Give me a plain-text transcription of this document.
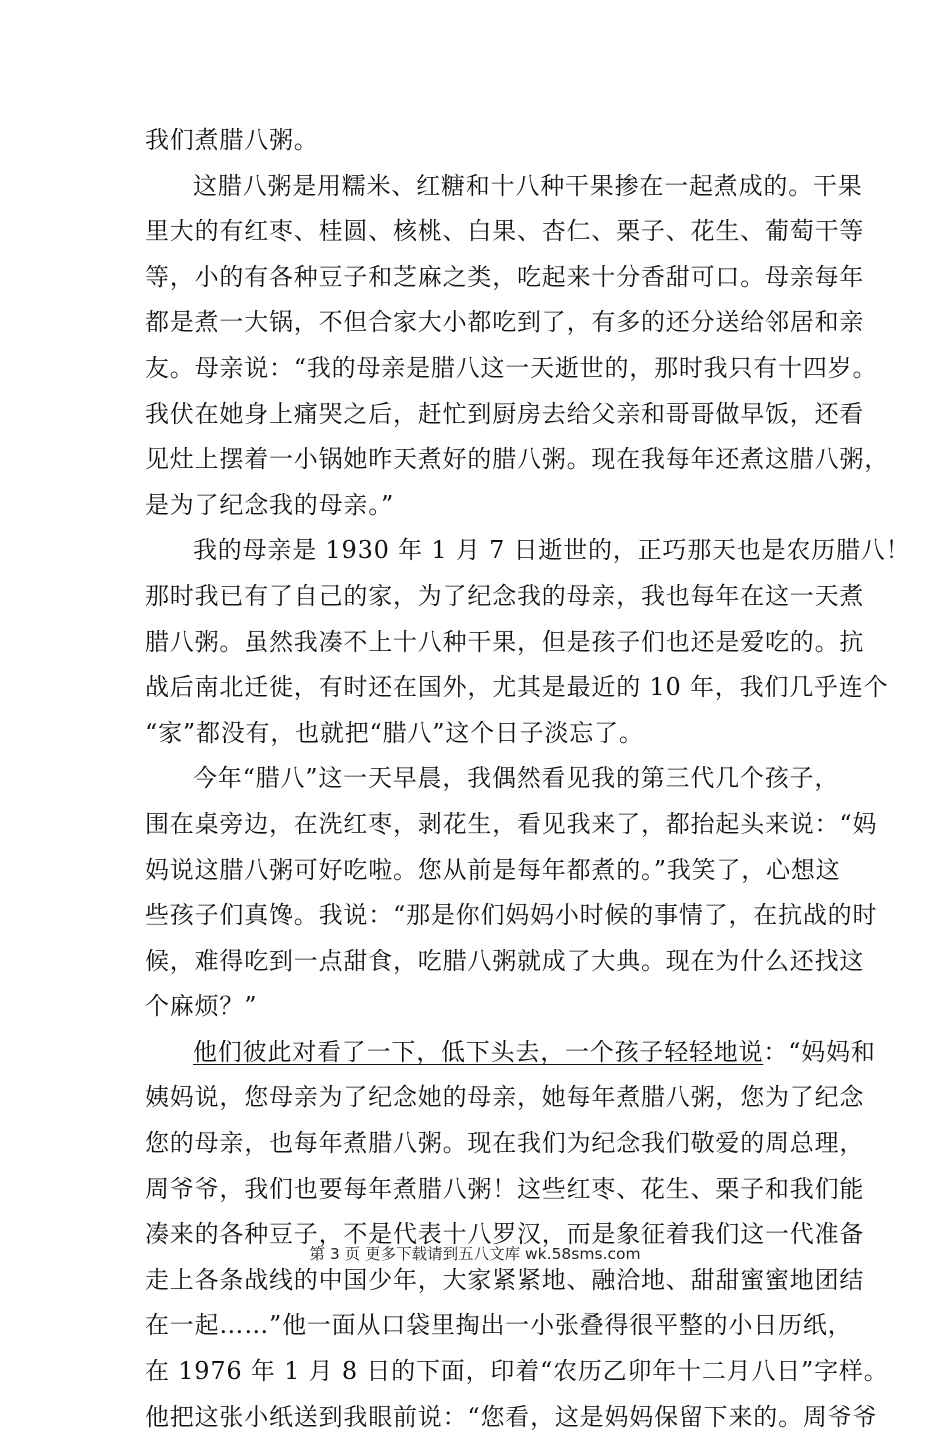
我们煮腊八粥。
这腊八粥是用糯米、红糖和十八种干果掺在一起煮成的。干果
里大的有红枣、桂圆、核桃、白果、杏仁、栗子、花生、葡萄干等
等，小的有各种豆子和芝麻之类，吃起来十分香甜可口。母亲每年
都是煮一大锅，不但合家大小都吃到了，有多的还分送给邻居和亲
友。母亲说：“我的母亲是腊八这一天逝世的，那时我只有十四岁。
我伏在她身上痛哭之后，赶忙到厨房去给父亲和哥哥做早饭，还看
见灶上摆着一小锅她昨天煮好的腊八粥。现在我每年还煮这腊八粥，
是为了纪念我的母亲。”
我的母亲是 1930 年 1 月 7 日逝世的，正巧那天也是农历腊八！
那时我已有了自己的家，为了纪念我的母亲，我也每年在这一天煮
腊八粥。虽然我凑不上十八种干果，但是孩子们也还是爱吃的。抗
战后南北迁徙，有时还在国外，尤其是最近的 10 年，我们几乎连个
“家”都没有，也就把“腊八”这个日子淡忘了。
今年“腊八”这一天早晨，我偶然看见我的第三代几个孩子，
围在桌旁边，在洗红枣，剥花生，看见我来了，都抬起头来说：“妈
妈说这腊八粥可好吃啦。您从前是每年都煮的。”我笑了，心想这
些孩子们真馋。我说：“那是你们妈妈小时候的事情了，在抗战的时
候，难得吃到一点甜食，吃腊八粥就成了大典。现在为什么还找这
个麻烦？”
他们彼此对看了一下，低下头去，一个孩子轻轻地说：“妈妈和
姨妈说，您母亲为了纪念她的母亲，她每年煮腊八粥，您为了纪念
您的母亲，也每年煮腊八粥。现在我们为纪念我们敬爱的周总理，
周爷爷，我们也要每年煮腊八粥！这些红枣、花生、栗子和我们能
凑来的各种豆子，不是代表十八罗汉，而是象征着我们这一代准备
走上各条战线的中国少年，大家紧紧地、融洽地、甜甜蜜蜜地团结
在一起……”他一面从口袋里掏出一小张叠得很平整的小日历纸，
在 1976 年 1 月 8 日的下面，印着“农历乙卯年十二月八日”字样。
他把这张小纸送到我眼前说：“您看，这是妈妈保留下来的。周爷爷
第 3 页 更多下载请到五八文库 wk.58sms.com
